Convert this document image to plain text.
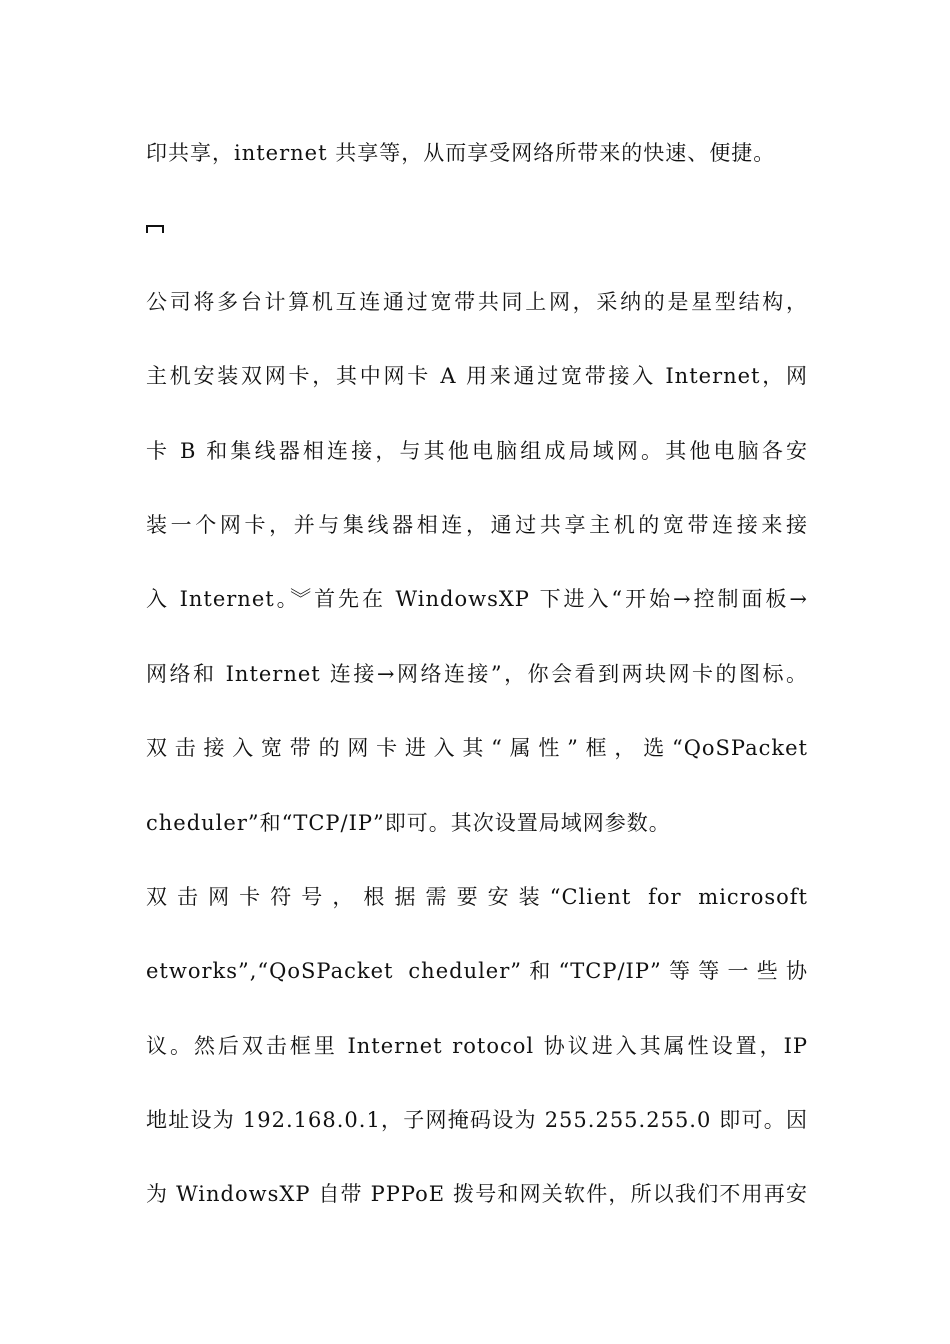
印共享，internet 共享等，从而享受网络所带来的快速、便捷。
公司将多台计算机互连通过宽带共同上网，采纳的是星型结构，
主机安装双网卡，其中网卡 A 用来通过宽带接入 Internet，网
卡 B 和集线器相连接，与其他电脑组成局域网。其他电脑各安
装一个网卡，并与集线器相连，通过共享主机的宽带连接来接
入 Internet。︾首先在 WindowsXP 下进入“开始→控制面板→
网络和 Internet 连接→网络连接”，你会看到两块网卡的图标。
双击接入宽带的网卡进入其“属性”框，选“QoSPacket
cheduler”和“TCP/IP”即可。其次设置局域网参数。
双击网卡符号，根据需要安装“Client for microsoft
etworks”,“QoSPacket cheduler”和“TCP/IP”等等一些协
议。然后双击框里 Internet rotocol 协议进入其属性设置，IP
地址设为 192.168.0.1，子网掩码设为 255.255.255.0 即可。因
为 WindowsXP 自带 PPPoE 拨号和网关软件，所以我们不用再安
